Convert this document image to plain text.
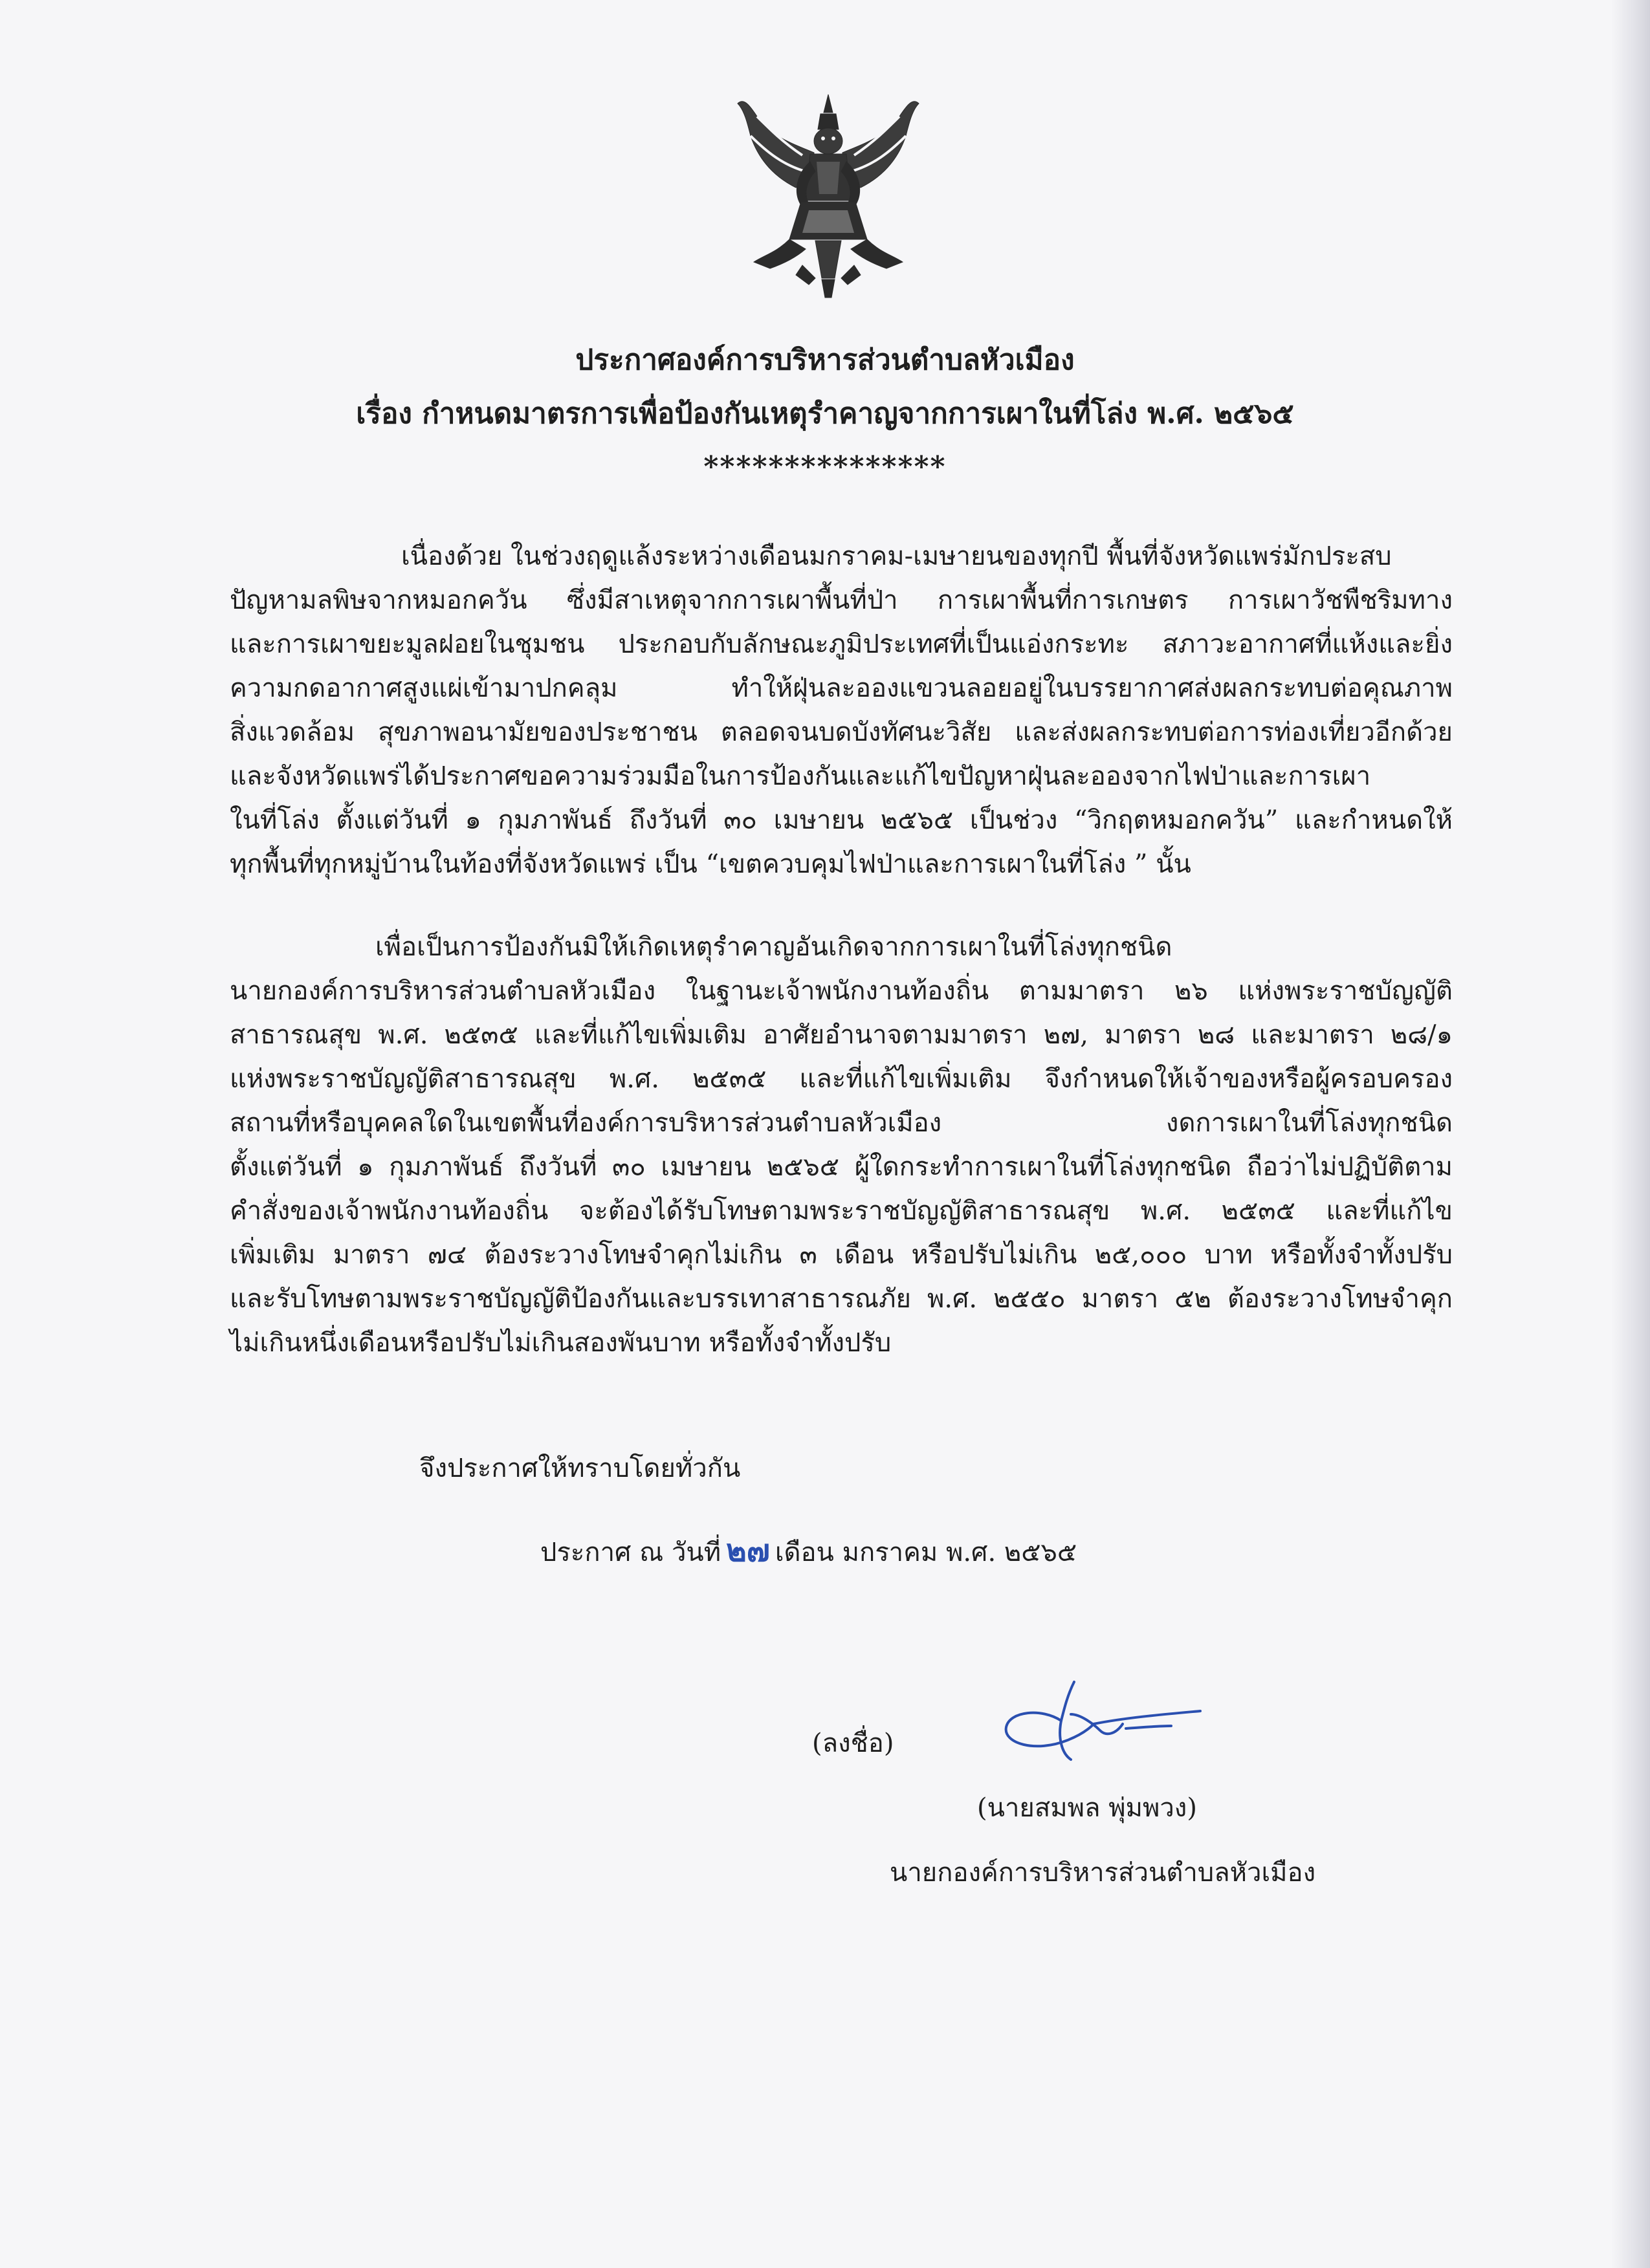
ประกาศองค์การบริหารส่วนตำบลหัวเมือง
เรื่อง กำหนดมาตรการเพื่อป้องกันเหตุรำคาญจากการเผาในที่โล่ง พ.ศ. ๒๕๖๕
***************
เนื่องด้วย ในช่วงฤดูแล้งระหว่างเดือนมกราคม-เมษายนของทุกปี พื้นที่จังหวัดแพร่มักประสบ
ปัญหามลพิษจากหมอกควัน ซึ่งมีสาเหตุจากการเผาพื้นที่ป่า การเผาพื้นที่การเกษตร การเผาวัชพืชริมทาง
และการเผาขยะมูลฝอยในชุมชน ประกอบกับลักษณะภูมิประเทศที่เป็นแอ่งกระทะ สภาวะอากาศที่แห้งและยิ่ง
ความกดอากาศสูงแผ่เข้ามาปกคลุม ทำให้ฝุ่นละอองแขวนลอยอยู่ในบรรยากาศส่งผลกระทบต่อคุณภาพ
สิ่งแวดล้อม สุขภาพอนามัยของประชาชน ตลอดจนบดบังทัศนะวิสัย และส่งผลกระทบต่อการท่องเที่ยวอีกด้วย
และจังหวัดแพร่ได้ประกาศขอความร่วมมือในการป้องกันและแก้ไขปัญหาฝุ่นละอองจากไฟป่าและการเผา
ในที่โล่ง ตั้งแต่วันที่ ๑ กุมภาพันธ์ ถึงวันที่ ๓๐ เมษายน ๒๕๖๕ เป็นช่วง “วิกฤตหมอกควัน” และกำหนดให้
ทุกพื้นที่ทุกหมู่บ้านในท้องที่จังหวัดแพร่ เป็น “เขตควบคุมไฟป่าและการเผาในที่โล่ง ” นั้น
เพื่อเป็นการป้องกันมิให้เกิดเหตุรำคาญอันเกิดจากการเผาในที่โล่งทุกชนิด
นายกองค์การบริหารส่วนตำบลหัวเมือง ในฐานะเจ้าพนักงานท้องถิ่น ตามมาตรา ๒๖ แห่งพระราชบัญญัติ
สาธารณสุข พ.ศ. ๒๕๓๕ และที่แก้ไขเพิ่มเติม อาศัยอำนาจตามมาตรา ๒๗, มาตรา ๒๘ และมาตรา ๒๘/๑
แห่งพระราชบัญญัติสาธารณสุข พ.ศ. ๒๕๓๕ และที่แก้ไขเพิ่มเติม จึงกำหนดให้เจ้าของหรือผู้ครอบครอง
สถานที่หรือบุคคลใดในเขตพื้นที่องค์การบริหารส่วนตำบลหัวเมือง งดการเผาในที่โล่งทุกชนิด
ตั้งแต่วันที่ ๑ กุมภาพันธ์ ถึงวันที่ ๓๐ เมษายน ๒๕๖๕ ผู้ใดกระทำการเผาในที่โล่งทุกชนิด ถือว่าไม่ปฏิบัติตาม
คำสั่งของเจ้าพนักงานท้องถิ่น จะต้องได้รับโทษตามพระราชบัญญัติสาธารณสุข พ.ศ. ๒๕๓๕ และที่แก้ไข
เพิ่มเติม มาตรา ๗๔ ต้องระวางโทษจำคุกไม่เกิน ๓ เดือน หรือปรับไม่เกิน ๒๕,๐๐๐ บาท หรือทั้งจำทั้งปรับ
และรับโทษตามพระราชบัญญัติป้องกันและบรรเทาสาธารณภัย พ.ศ. ๒๕๕๐ มาตรา ๕๒ ต้องระวางโทษจำคุก
ไม่เกินหนึ่งเดือนหรือปรับไม่เกินสองพันบาท หรือทั้งจำทั้งปรับ
จึงประกาศให้ทราบโดยทั่วกัน
ประกาศ ณ วันที่ ๒๗ เดือน มกราคม พ.ศ. ๒๕๖๕
(ลงชื่อ)
(นายสมพล พุ่มพวง)
นายกองค์การบริหารส่วนตำบลหัวเมือง
